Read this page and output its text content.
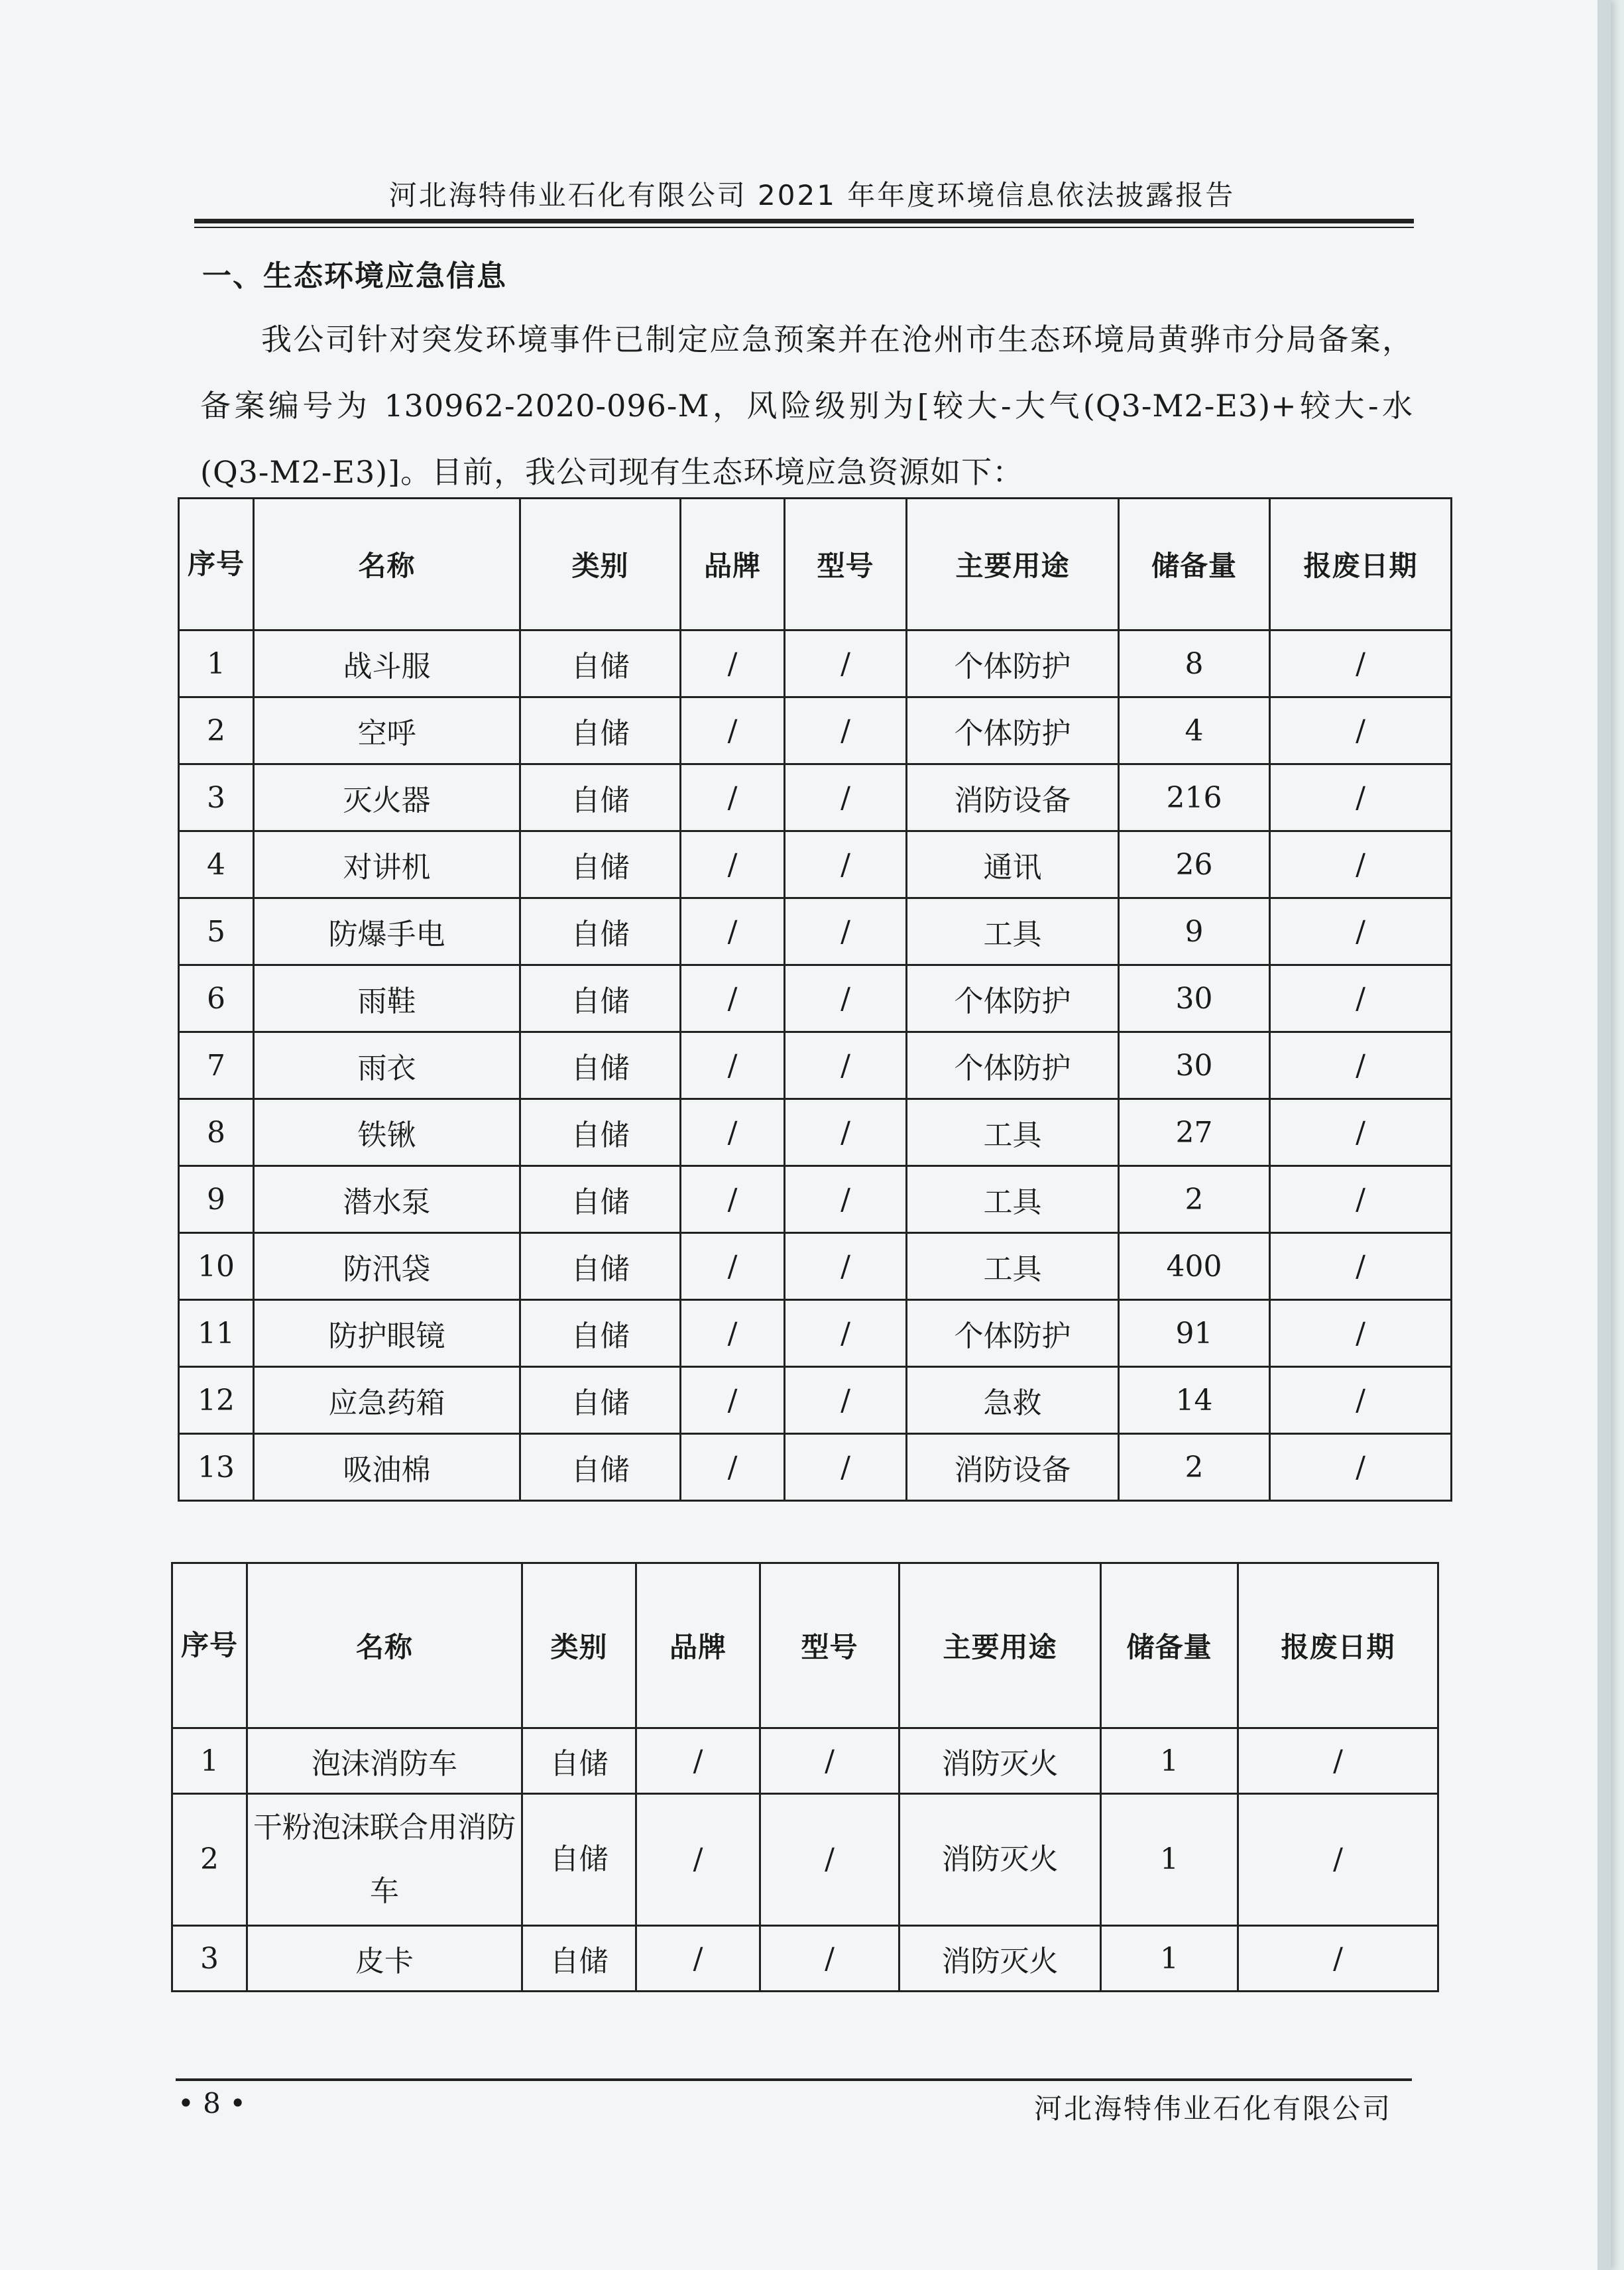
河北海特伟业石化有限公司 2021 年年度环境信息依法披露报告
一、生态环境应急信息
我公司针对突发环境事件已制定应急预案并在沧州市生态环境局黄骅市分局备案，备案编号为 130962-2020-096-M，风险级别为[较大-大气(Q3-M2-E3)+较大-水(Q3-M2-E3)]。目前，我公司现有生态环境应急资源如下：
序号	名称	类别	品牌	型号	主要用途	储备量	报废日期
1	战斗服	自储	/	/	个体防护	8	/
2	空呼	自储	/	/	个体防护	4	/
3	灭火器	自储	/	/	消防设备	216	/
4	对讲机	自储	/	/	通讯	26	/
5	防爆手电	自储	/	/	工具	9	/
6	雨鞋	自储	/	/	个体防护	30	/
7	雨衣	自储	/	/	个体防护	30	/
8	铁锹	自储	/	/	工具	27	/
9	潜水泵	自储	/	/	工具	2	/
10	防汛袋	自储	/	/	工具	400	/
11	防护眼镜	自储	/	/	个体防护	91	/
12	应急药箱	自储	/	/	急救	14	/
13	吸油棉	自储	/	/	消防设备	2	/
序号	名称	类别	品牌	型号	主要用途	储备量	报废日期
1	泡沫消防车	自储	/	/	消防灭火	1	/
2	干粉泡沫联合用消防车	自储	/	/	消防灭火	1	/
3	皮卡	自储	/	/	消防灭火	1	/
• 8 •	河北海特伟业石化有限公司
